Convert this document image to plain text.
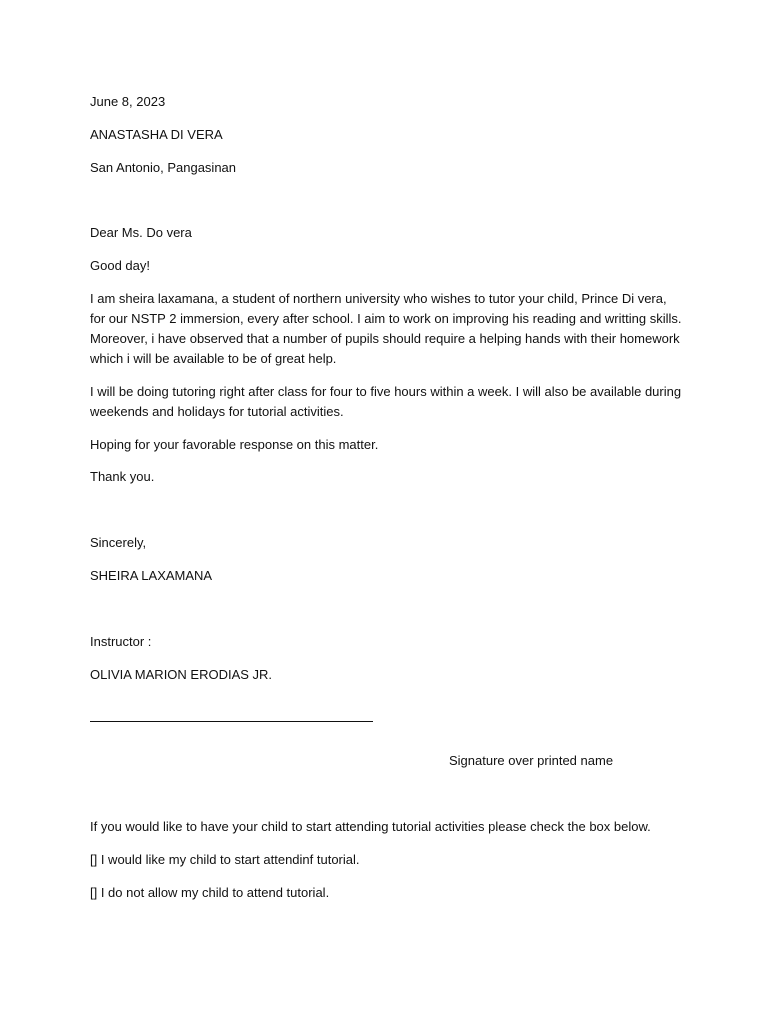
June 8, 2023
ANASTASHA DI VERA
San Antonio, Pangasinan
Dear Ms. Do vera
Good day!
I am sheira laxamana, a student of northern university who wishes to tutor your child, Prince Di vera,
for our NSTP 2 immersion, every after school. I aim to work on improving his reading and writting skills.
Moreover, i have observed that a number of pupils should require a helping hands with their homework
which i will be available to be of great help.
I will be doing tutoring right after class for four to five hours within a week. I will also be available during
weekends and holidays for tutorial activities.
Hoping for your favorable response on this matter.
Thank you.
Sincerely,
SHEIRA LAXAMANA
Instructor :
OLIVIA MARION ERODIAS JR.
Signature over printed name
If you would like to have your child to start attending tutorial activities please check the box below.
[] I would like my child to start attendinf tutorial.
[] I do not allow my child to attend tutorial.
